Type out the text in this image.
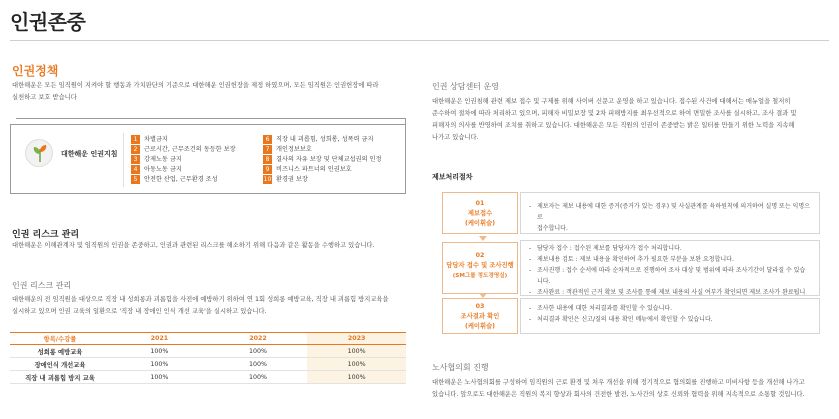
인권존중
인권정책
대한해운은 모든 임직원이 지켜야 할 행동과 가치판단의 기준으로 대한해운 인권헌장을 제정 하였으며, 모든 임직원은 인권헌장에 따라
실천하고 보호 받습니다
대한해운 인권지침
1 차별금지
2 근로시간, 근무조건의 동등한 보장
3 강제노동 금지
4 아동노동 금지
5 안전한 산업, 근무환경 조성
6 직장 내 괴롭힘, 성희롱, 성폭력 금지
7 개인정보보호
8 결사의 자유 보장 및 단체교섭권의 인정
9 비즈니스 파트너의 인권보호
10 환경권 보장
인권 리스크 관리
대한해운은 이해관계자 및 임직원의 인권을 존중하고, 인권과 관련된 리스크를 해소하기 위해 다음과 같은 활동을 수행하고 있습니다.
인권 리스크 관리
대한해운의 전 임직원을 대상으로 직장 내 성희롱과 괴롭힘을 사전에 예방하기 위하여 연 1회 성희롱 예방교육, 직장 내 괴롭힘 방지교육을
실시하고 있으며 인권 교육의 일환으로 '직장 내 장애인 인식 개선 교육'을 실시하고 있습니다.
항목/수강률	2021	2022	2023
성희롱 예방교육	100%	100%	100%
장애인식 개선교육	100%	100%	100%
직장 내 괴롭힘 방지 교육	100%	100%	100%
인권 상담센터 운영
대한해운은 인권침해 관련 제보 접수 및 구제를 위해 사이버 신문고 운영을 하고 있습니다. 접수된 사건에 대해서는 매뉴얼을 철저히
준수하여 절차에 따라 처리하고 있으며, 피해자 비밀보장 및 2차 피해방지를 최우선적으로 하여 면밀한 조사를 실시하고, 조사 결과 및
피해자의 의사를 반영하여 조치를 취하고 있습니다. 대한해운은 모든 직원의 인권이 존중받는 밝은 일터를 만들기 위한 노력을 지속해
나가고 있습니다.
제보처리절차
01
제보접수
(케이휘슬)
- 제보자는 제보 내용에 대한 증거(증거가 있는 경우) 및 사실관계를 육하원칙에 의거하여 실명 또는 익명으로
접수합니다.
02
담당자 접수 및 조사진행
(SM그룹 정도경영실)
- 담당자 접수 : 접수된 제보를 담당자가 접수 처리합니다.
- 제보내용 검토 : 제보 내용을 확인하여 추가 필요한 부분을 보완 요청합니다.
- 조사진행 : 접수 순서에 따라 순차적으로 진행하여 조사 대상 및 범위에 따라 조사기간이 달라질 수 있습니다.
- 조사완료 : 객관적인 근거 확보 및 조사를 통해 제보 내용의 사실 여부가 확인되면 제보 조사가 완료됩니
03
조사결과 확인
(케이휘슬)
- 조사한 내용에 대한 처리결과를 확인할 수 있습니다.
- 처리결과 확인은 신고/질의 내용 확인 메뉴에서 확인할 수 있습니다.
노사협의회 진행
대한해운은 노사협의회를 구성하여 임직원의 근로 환경 및 처우 개선을 위해 정기적으로 협의회를 진행하고 미비사항 등을 개선해 나가고
있습니다. 앞으로도 대한해운은 직원의 복지 향상과 회사의 건전한 발전, 노사간의 상호 신뢰와 협력을 위해 지속적으로 소통할 것입니다.
